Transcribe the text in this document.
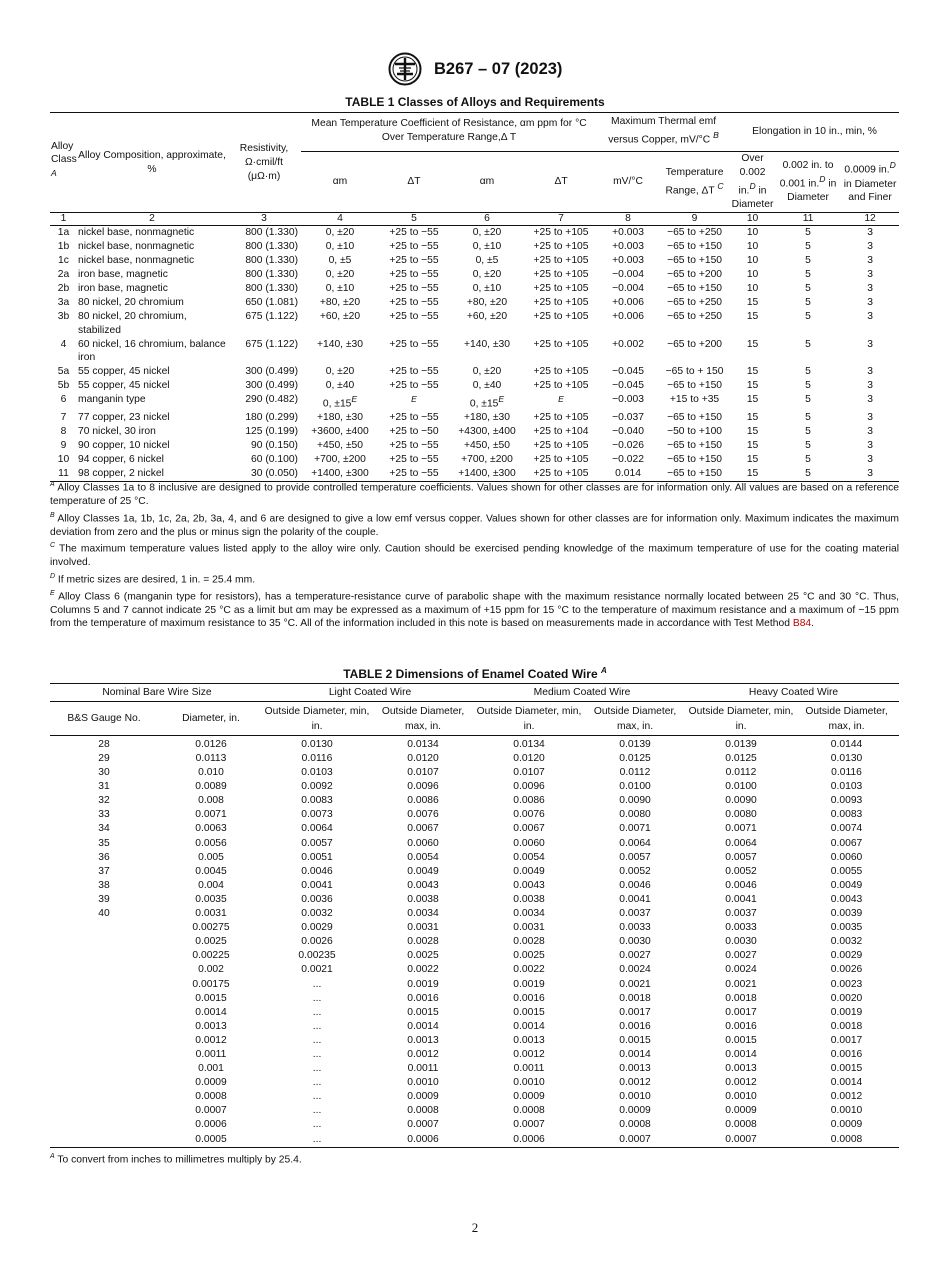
B267 – 07 (2023)
TABLE 1 Classes of Alloys and Requirements
Alloy Class $^A$	Alloy Composition, approximate, %	Resistivity, Ω·cmil/ft (μΩ·m)	Mean Temperature Coefficient of Resistance, αm ppm for °C Over Temperature Range,Δ T				Maximum Thermal emf versus Copper, mV/°C $^B$		Elongation in 10 in., min, %		
			αm	ΔT	αm	ΔT	mV/°C	Temperature Range, ΔT $^C$	Over 0.002 in.$^D$ in Diameter	0.002 in. to 0.001 in.$^D$ in Diameter	0.0009 in.$^D$ in Diameter and Finer
1	2	3	4	5	6	7	8	9	10	11	12
1a	nickel base, nonmagnetic	800 (1.330)	0, ±20	+25 to −55	0, ±20	+25 to +105	+0.003	−65 to +250	10	5	3
1b	nickel base, nonmagnetic	800 (1.330)	0, ±10	+25 to −55	0, ±10	+25 to +105	+0.003	−65 to +150	10	5	3
1c	nickel base, nonmagnetic	800 (1.330)	0, ±5	+25 to −55	0, ±5	+25 to +105	+0.003	−65 to +150	10	5	3
2a	iron base, magnetic	800 (1.330)	0, ±20	+25 to −55	0, ±20	+25 to +105	−0.004	−65 to +200	10	5	3
2b	iron base, magnetic	800 (1.330)	0, ±10	+25 to −55	0, ±10	+25 to +105	−0.004	−65 to +150	10	5	3
3a	80 nickel, 20 chromium	650 (1.081)	+80, ±20	+25 to −55	+80, ±20	+25 to +105	+0.006	−65 to +250	15	5	3
3b	80 nickel, 20 chromium, stabilized	675 (1.122)	+60, ±20	+25 to −55	+60, ±20	+25 to +105	+0.006	−65 to +250	15	5	3
4	60 nickel, 16 chromium, balance iron	675 (1.122)	+140, ±30	+25 to −55	+140, ±30	+25 to +105	+0.002	−65 to +200	15	5	3
5a	55 copper, 45 nickel	300 (0.499)	0, ±20	+25 to −55	0, ±20	+25 to +105	−0.045	−65 to + 150	15	5	3
5b	55 copper, 45 nickel	300 (0.499)	0, ±40	+25 to −55	0, ±40	+25 to +105	−0.045	−65 to +150	15	5	3
6	manganin type	290 (0.482)	0, $\pm 15^E$	$^E$	0, $\pm 15^E$	$^E$	−0.003	+15 to +35	15	5	3
7	77 copper, 23 nickel	180 (0.299)	+180, ±30	+25 to −55	+180, ±30	+25 to +105	−0.037	−65 to +150	15	5	3
8	70 nickel, 30 iron	125 (0.199)	+3600, ±400	+25 to −50	+4300, ±400	+25 to +104	−0.040	−50 to +100	15	5	3
9	90 copper, 10 nickel	90 (0.150)	+450, ±50	+25 to −55	+450, ±50	+25 to +105	−0.026	−65 to +150	15	5	3
10	94 copper, 6 nickel	60 (0.100)	+700, ±200	+25 to −55	+700, ±200	+25 to +105	−0.022	−65 to +150	15	5	3
11	98 copper, 2 nickel	30 (0.050)	+1400, ±300	+25 to −55	+1400, ±300	+25 to +105	0.014	−65 to +150	15	5	3

$^A$ Alloy Classes 1a to 8 inclusive are designed to provide controlled temperature coefficients. Values shown for other classes are for information only. All values are based on a reference temperature of 25 °C.

$^B$ Alloy Classes 1a, 1b, 1c, 2a, 2b, 3a, 4, and 6 are designed to give a low emf versus copper. Values shown for other classes are for information only. Maximum indicates the maximum deviation from zero and the plus or minus sign the polarity of the couple.

$^C$ The maximum temperature values listed apply to the alloy wire only. Caution should be exercised pending knowledge of the maximum temperature of use for the coating material involved.

$^D$ If metric sizes are desired, 1 in. = 25.4 mm.

$^E$ Alloy Class 6 (manganin type for resistors), has a temperature-resistance curve of parabolic shape with the maximum resistance normally located between 25 °C and 30 °C. Thus, Columns 5 and 7 cannot indicate 25 °C as a limit but αm may be expressed as a maximum of +15 ppm for 15 °C to the temperature of maximum resistance and a maximum of −15 ppm from the temperature of maximum resistance to 35 °C. All of the information included in this note is based on measurements made in accordance with Test Method B84.

TABLE 2 Dimensions of Enamel Coated Wire $^A$
Nominal Bare Wire Size		Light Coated Wire		Medium Coated Wire		Heavy Coated Wire	
B&S Gauge No.	Diameter, in.	Outside Diameter, min, in.	Outside Diameter, max, in.	Outside Diameter, min, in.	Outside Diameter, max, in.	Outside Diameter, min, in.	Outside Diameter, max, in.
28	0.0126	0.0130	0.0134	0.0134	0.0139	0.0139	0.0144
29	0.0113	0.0116	0.0120	0.0120	0.0125	0.0125	0.0130
30	0.010	0.0103	0.0107	0.0107	0.0112	0.0112	0.0116
31	0.0089	0.0092	0.0096	0.0096	0.0100	0.0100	0.0103
32	0.008	0.0083	0.0086	0.0086	0.0090	0.0090	0.0093
33	0.0071	0.0073	0.0076	0.0076	0.0080	0.0080	0.0083
34	0.0063	0.0064	0.0067	0.0067	0.0071	0.0071	0.0074
35	0.0056	0.0057	0.0060	0.0060	0.0064	0.0064	0.0067
36	0.005	0.0051	0.0054	0.0054	0.0057	0.0057	0.0060
37	0.0045	0.0046	0.0049	0.0049	0.0052	0.0052	0.0055
38	0.004	0.0041	0.0043	0.0043	0.0046	0.0046	0.0049
39	0.0035	0.0036	0.0038	0.0038	0.0041	0.0041	0.0043
40	0.0031	0.0032	0.0034	0.0034	0.0037	0.0037	0.0039
	0.00275	0.0029	0.0031	0.0031	0.0033	0.0033	0.0035
	0.0025	0.0026	0.0028	0.0028	0.0030	0.0030	0.0032
	0.00225	0.00235	0.0025	0.0025	0.0027	0.0027	0.0029
	0.002	0.0021	0.0022	0.0022	0.0024	0.0024	0.0026
	0.00175	...	0.0019	0.0019	0.0021	0.0021	0.0023
	0.0015	...	0.0016	0.0016	0.0018	0.0018	0.0020
	0.0014	...	0.0015	0.0015	0.0017	0.0017	0.0019
	0.0013	...	0.0014	0.0014	0.0016	0.0016	0.0018
	0.0012	...	0.0013	0.0013	0.0015	0.0015	0.0017
	0.0011	...	0.0012	0.0012	0.0014	0.0014	0.0016
	0.001	...	0.0011	0.0011	0.0013	0.0013	0.0015
	0.0009	...	0.0010	0.0010	0.0012	0.0012	0.0014
	0.0008	...	0.0009	0.0009	0.0010	0.0010	0.0012
	0.0007	...	0.0008	0.0008	0.0009	0.0009	0.0010
	0.0006	...	0.0007	0.0007	0.0008	0.0008	0.0009
	0.0005	...	0.0006	0.0006	0.0007	0.0007	0.0008

$^A$ To convert from inches to millimetres multiply by 25.4.

2
